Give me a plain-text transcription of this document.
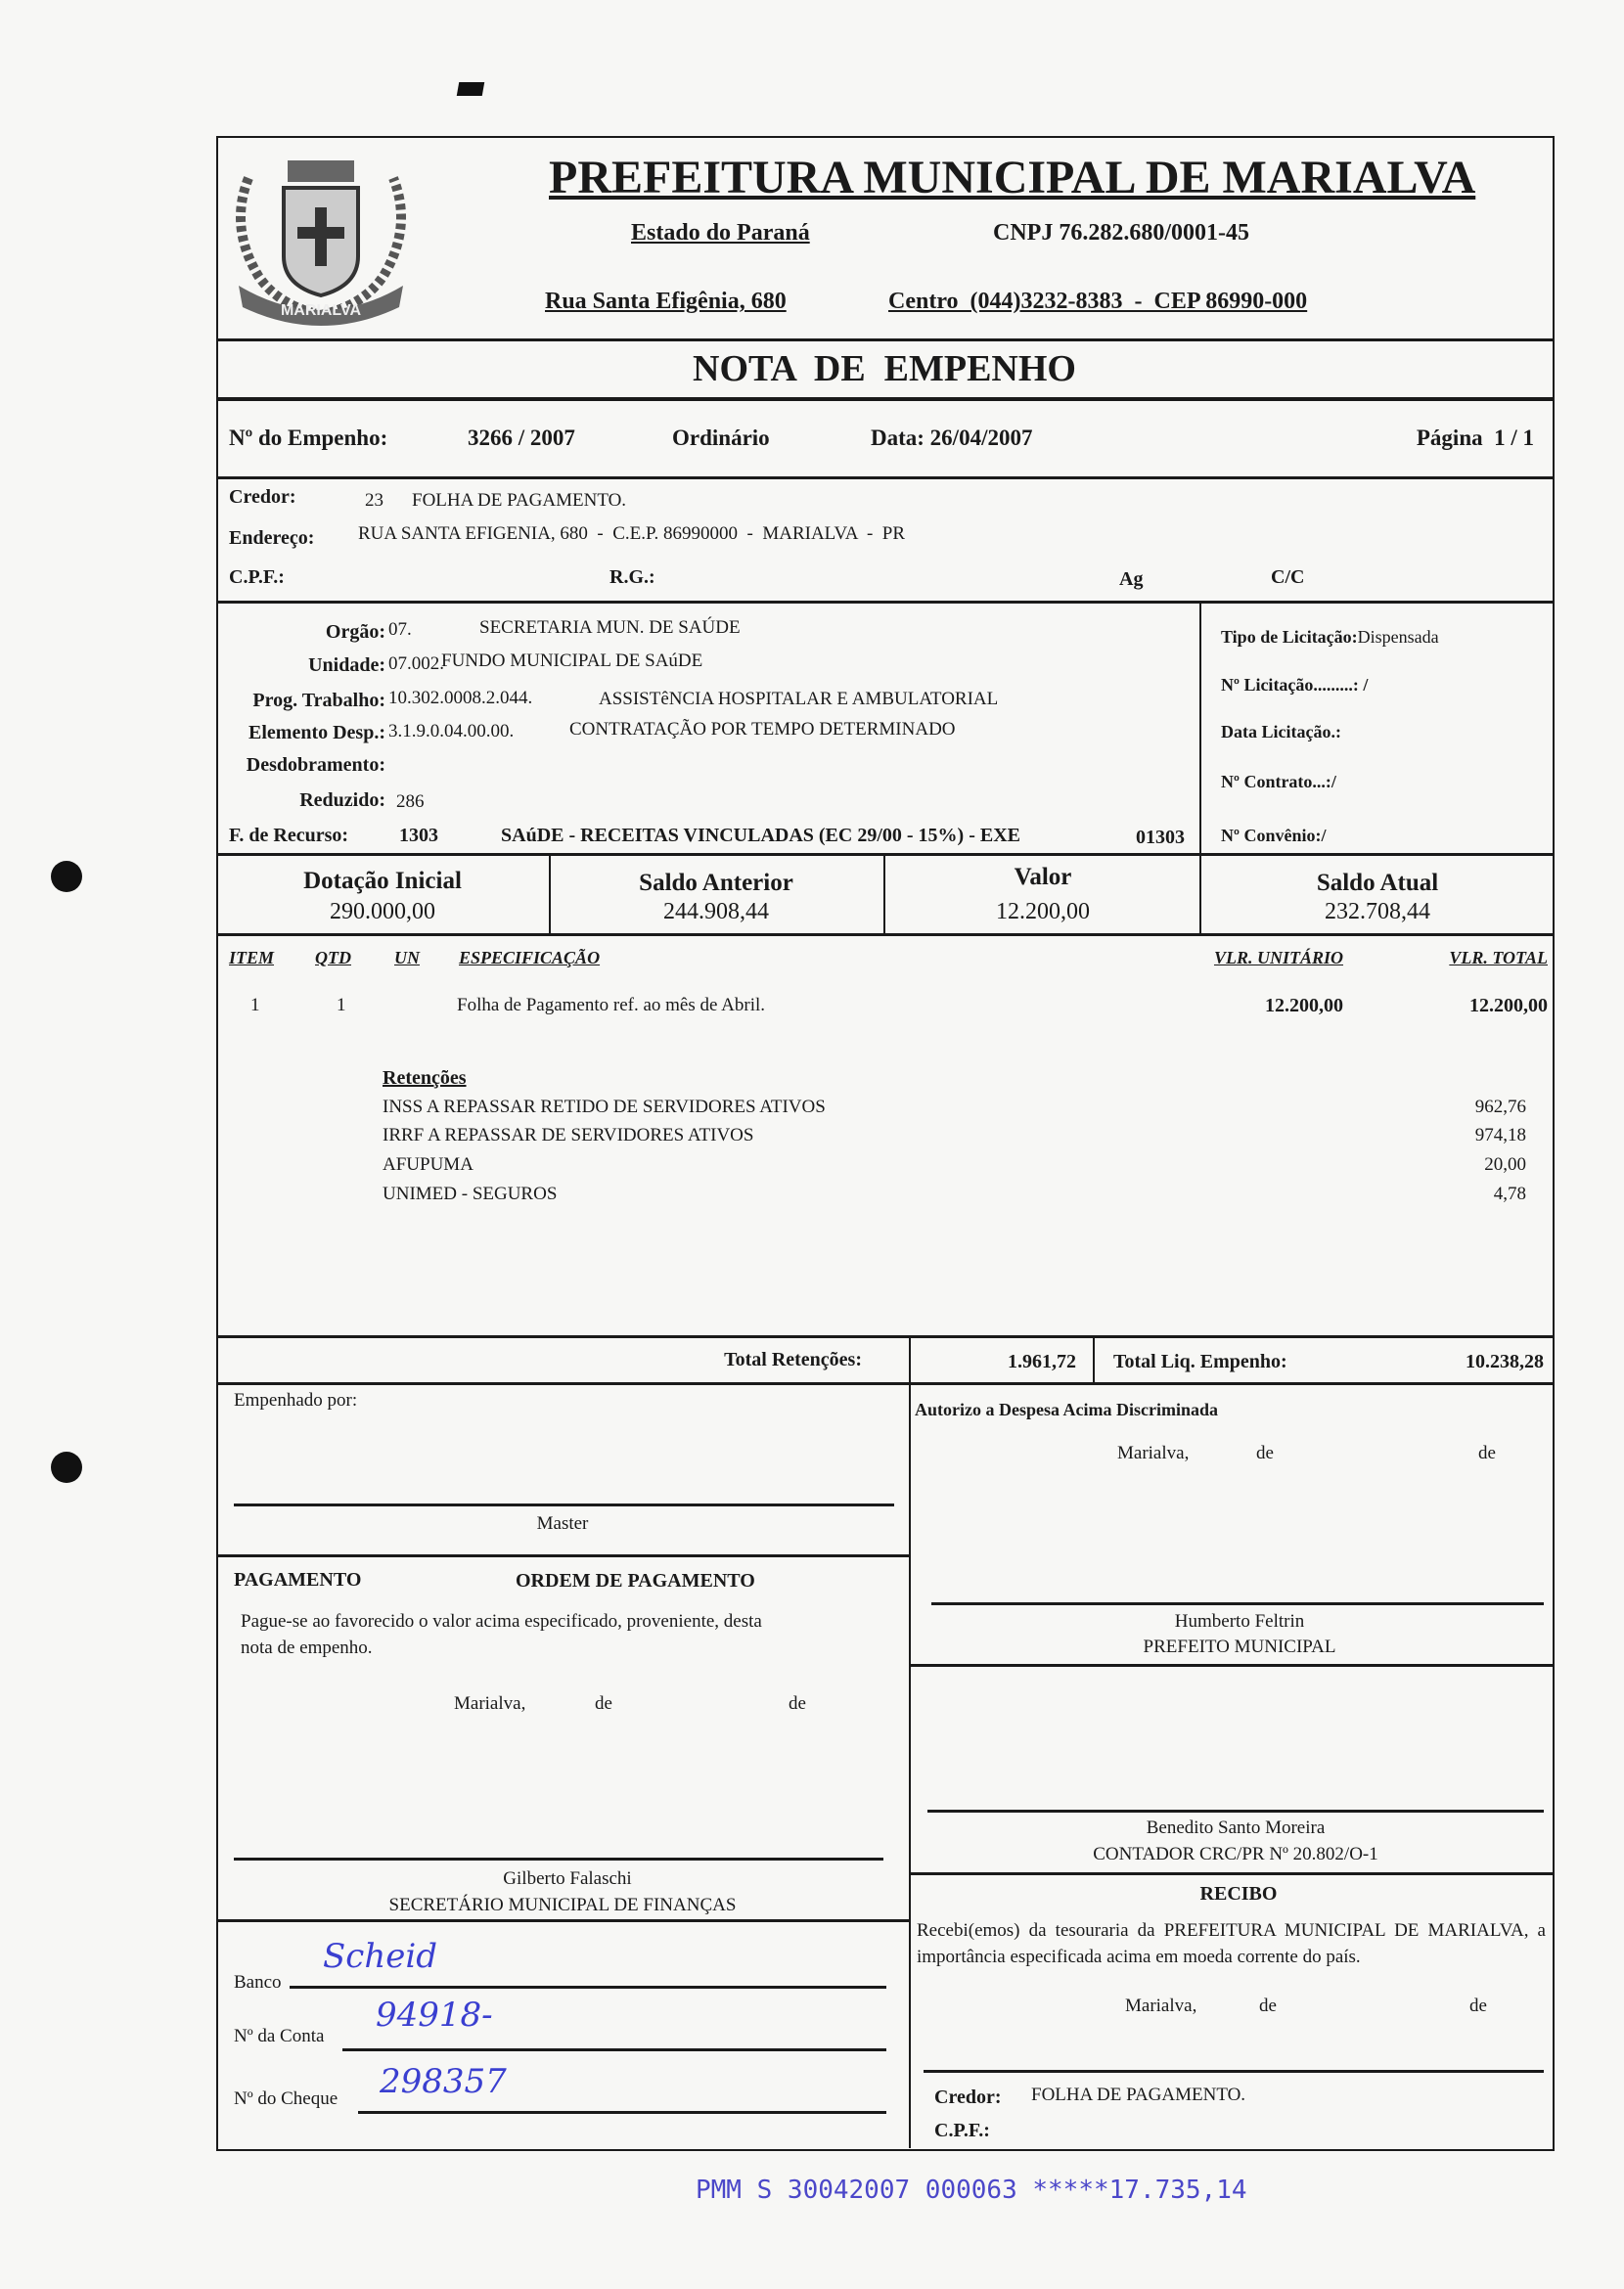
MARIALVA
PREFEITURA MUNICIPAL DE MARIALVA
Estado do Paraná	CNPJ 76.282.680/0001-45
Rua Santa Efigênia, 680	Centro  (044)3232-8383  -  CEP 86990-000
NOTA  DE  EMPENHO
Nº do Empenho:	3266 / 2007	Ordinário	Data: 26/04/2007	Página  1 / 1
Credor:	23 FOLHA DE PAGAMENTO.
Endereço: RUA SANTA EFIGENIA, 680  -  C.E.P. 86990000  -  MARIALVA  -  PR
C.P.F.:	R.G.:	Ag	C/C
Orgão: 07.	SECRETARIA MUN. DE SAÚDE
Unidade: 07.002.
FUNDO MUNICIPAL DE SAúDE
Prog. Trabalho: 10.302.0008.2.044.	ASSISTêNCIA HOSPITALAR E AMBULATORIAL
Elemento Desp.: 3.1.9.0.04.00.00.	CONTRATAÇÃO POR TEMPO DETERMINADO
Desdobramento:
Reduzido: 286
F. de Recurso:	1303	SAúDE - RECEITAS VINCULADAS (EC 29/00 - 15%) - EXE	01303
Tipo de Licitação:Dispensada
Nº Licitação.........: /
Data Licitação.:
Nº Contrato...:/
Nº Convênio:/
Dotação Inicial
290.000,00
Saldo Anterior
244.908,44
Valor
12.200,00
Saldo Atual
232.708,44
ITEM QTD UN ESPECIFICAÇÃO	VLR. UNITÁRIO	VLR. TOTAL
1	1	Folha de Pagamento ref. ao mês de Abril.	12.200,00	12.200,00
Retenções
INSS A REPASSAR RETIDO DE SERVIDORES ATIVOS	962,76
IRRF A REPASSAR DE SERVIDORES ATIVOS	974,18
AFUPUMA	20,00
UNIMED - SEGUROS	4,78
Total Retenções:	1.961,72 Total Liq. Empenho:	10.238,28
Empenhado por:
Master
PAGAMENTO	ORDEM DE PAGAMENTO
Pague-se ao favorecido o valor acima especificado, proveniente, desta
nota de empenho.
Marialva,	de	de
Gilberto Falaschi
SECRETÁRIO MUNICIPAL DE FINANÇAS
Banco
Scheid
Nº da Conta
94918-
Nº do Cheque 298357
Autorizo a Despesa Acima Discriminada
Marialva,	de	de
Humberto Feltrin
PREFEITO MUNICIPAL
Benedito Santo Moreira
CONTADOR CRC/PR Nº 20.802/O-1
RECIBO
Recebi(emos) da tesouraria da PREFEITURA MUNICIPAL DE MARIALVA, a importância especificada acima em moeda corrente do país.
Marialva,	de	de
Credor: FOLHA DE PAGAMENTO.
C.P.F.:
PMM S 30042007 000063 *****17.735,14
